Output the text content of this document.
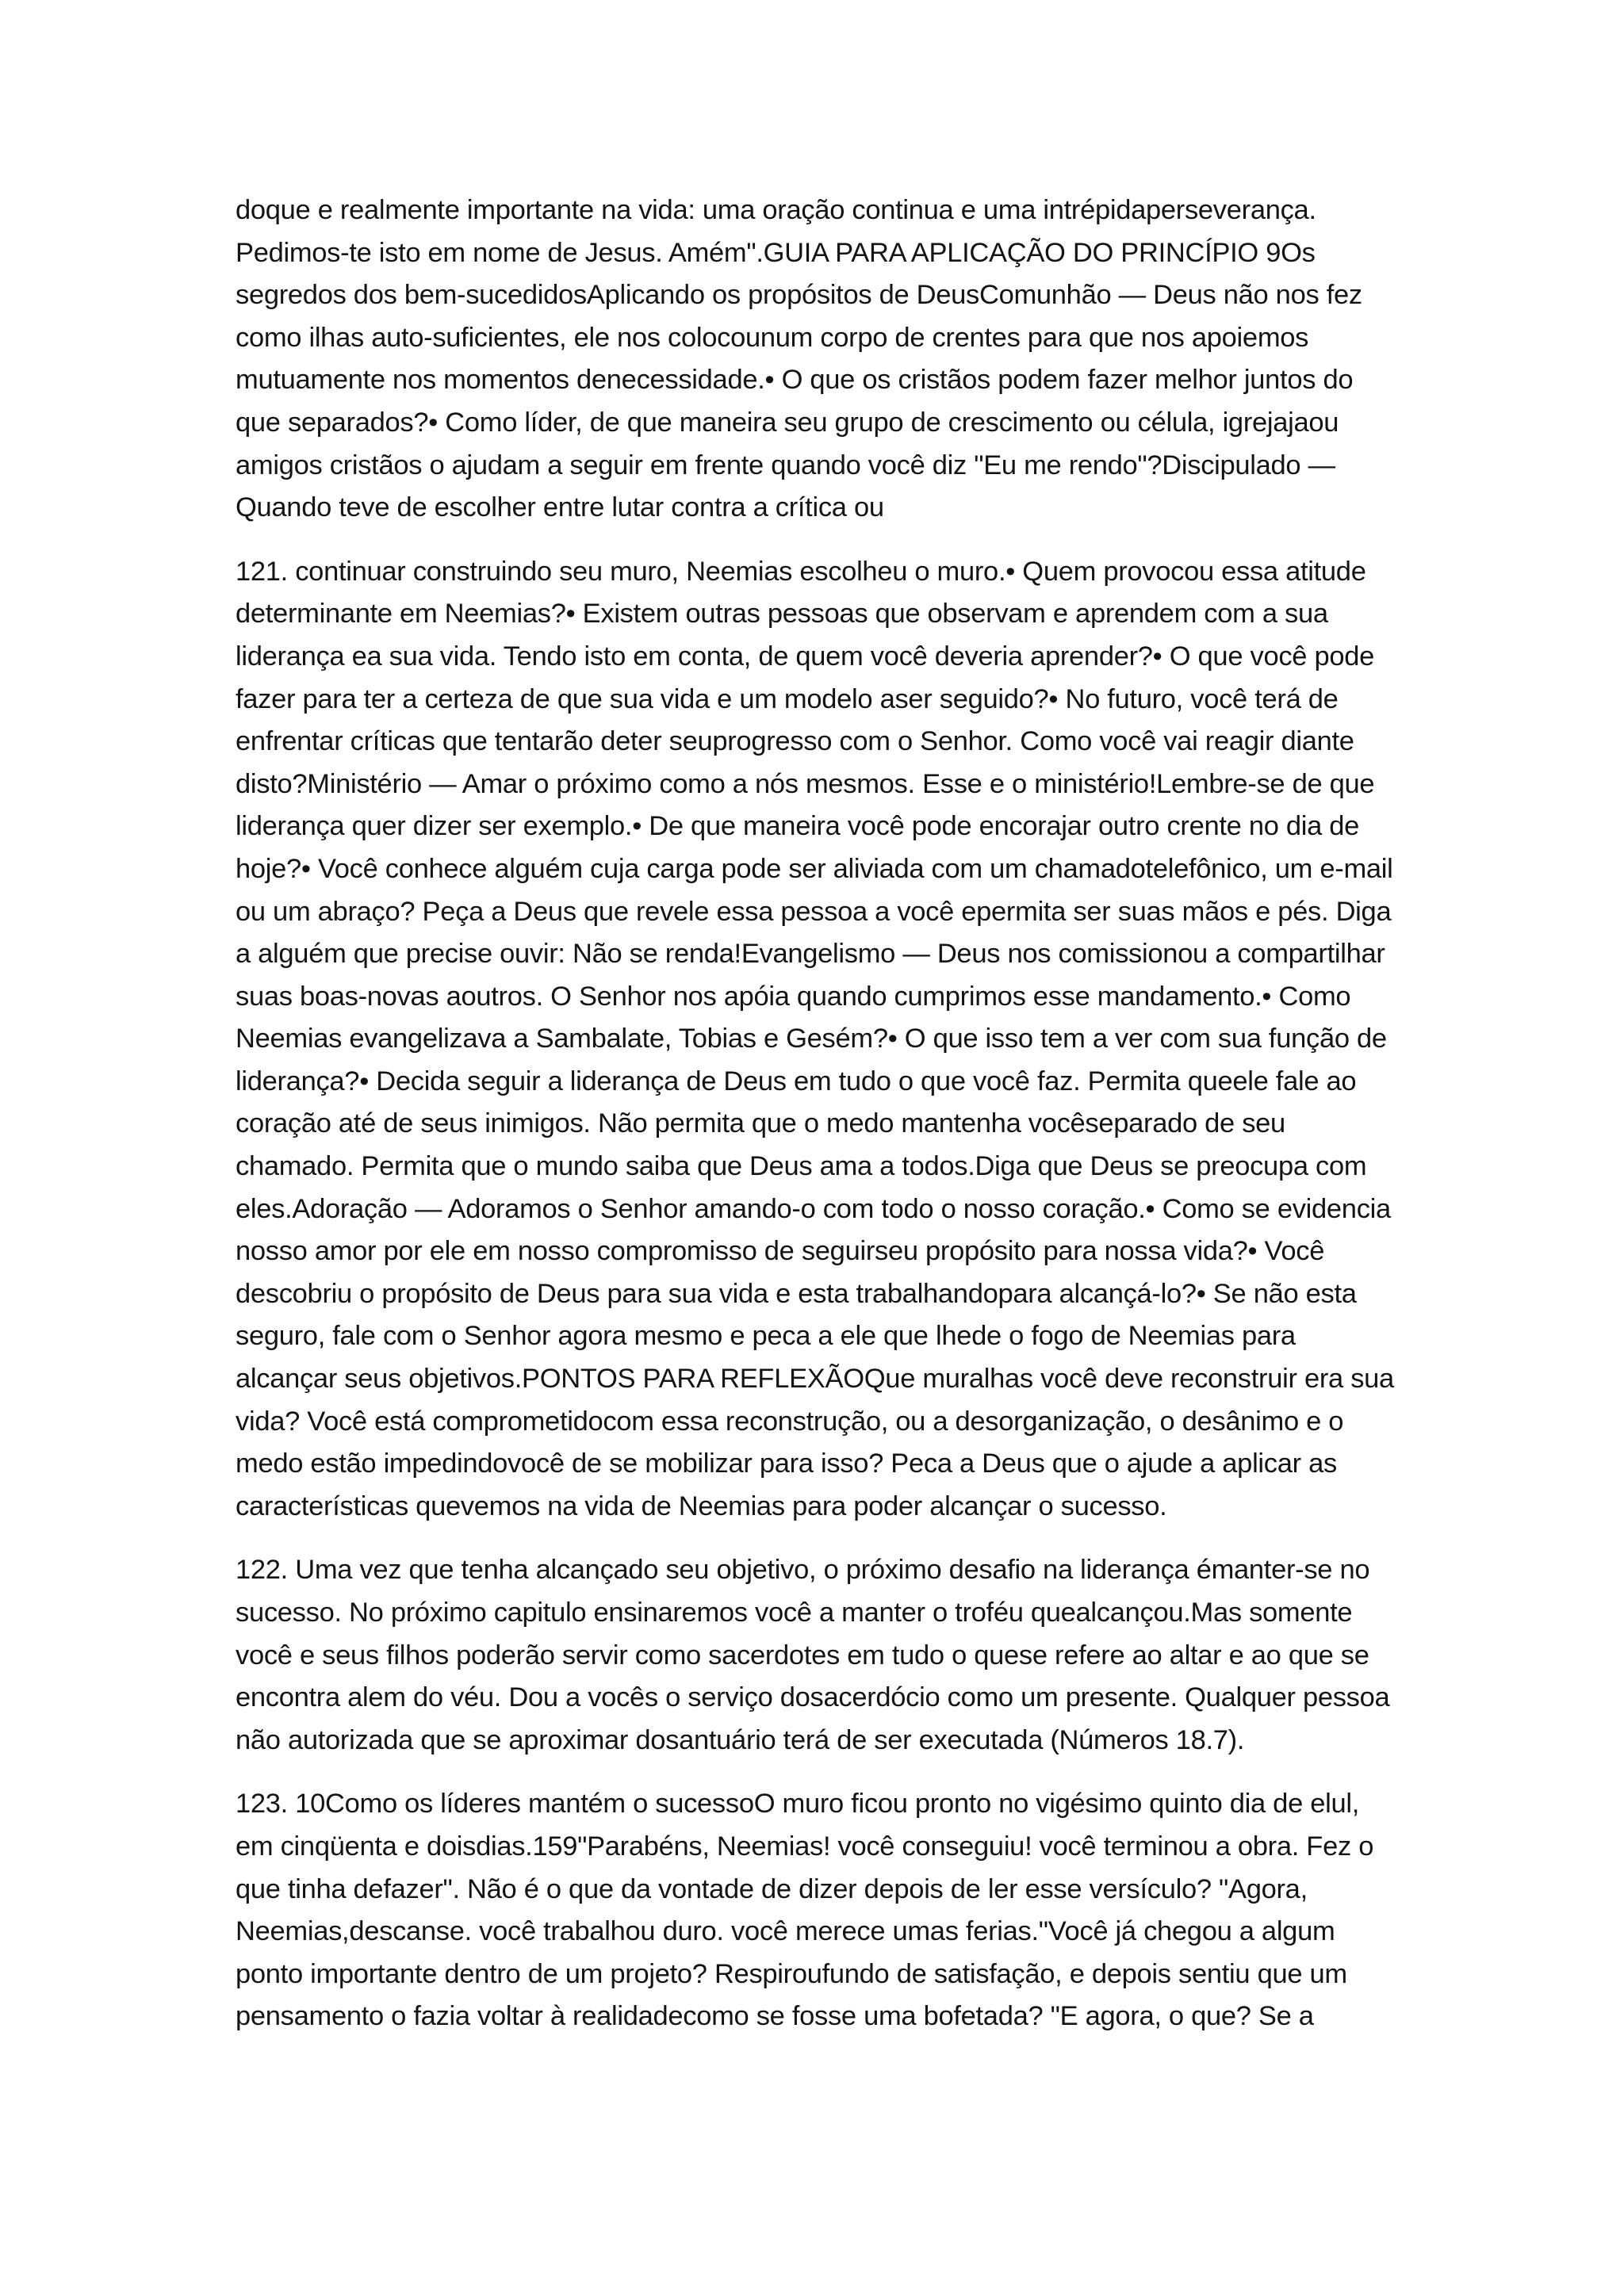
doque e realmente importante na vida: uma oração continua e uma intrépidaperseverança. Pedimos-te isto em nome de Jesus. Amém".GUIA PARA APLICAÇÃO DO PRINCÍPIO 9Os segredos dos bem-sucedidosAplicando os propósitos de DeusComunhão — Deus não nos fez como ilhas auto-suficientes, ele nos colocounum corpo de crentes para que nos apoiemos mutuamente nos momentos denecessidade.• O que os cristãos podem fazer melhor juntos do que separados?• Como líder, de que maneira seu grupo de crescimento ou célula, igrejajaou amigos cristãos o ajudam a seguir em frente quando você diz "Eu me rendo"?Discipulado — Quando teve de escolher entre lutar contra a crítica ou

121. continuar construindo seu muro, Neemias escolheu o muro.• Quem provocou essa atitude determinante em Neemias?• Existem outras pessoas que observam e aprendem com a sua liderança ea sua vida. Tendo isto em conta, de quem você deveria aprender?• O que você pode fazer para ter a certeza de que sua vida e um modelo aser seguido?• No futuro, você terá de enfrentar críticas que tentarão deter seuprogresso com o Senhor. Como você vai reagir diante disto?Ministério — Amar o próximo como a nós mesmos. Esse e o ministério!Lembre-se de que liderança quer dizer ser exemplo.• De que maneira você pode encorajar outro crente no dia de hoje?• Você conhece alguém cuja carga pode ser aliviada com um chamadotelefônico, um e-mail ou um abraço? Peça a Deus que revele essa pessoa a você epermita ser suas mãos e pés. Diga a alguém que precise ouvir: Não se renda!Evangelismo — Deus nos comissionou a compartilhar suas boas-novas aoutros. O Senhor nos apóia quando cumprimos esse mandamento.• Como Neemias evangelizava a Sambalate, Tobias e Gesém?• O que isso tem a ver com sua função de liderança?• Decida seguir a liderança de Deus em tudo o que você faz. Permita queele fale ao coração até de seus inimigos. Não permita que o medo mantenha vocêseparado de seu chamado. Permita que o mundo saiba que Deus ama a todos.Diga que Deus se preocupa com eles.Adoração — Adoramos o Senhor amando-o com todo o nosso coração.• Como se evidencia nosso amor por ele em nosso compromisso de seguirseu propósito para nossa vida?• Você descobriu o propósito de Deus para sua vida e esta trabalhandopara alcançá-lo?• Se não esta seguro, fale com o Senhor agora mesmo e peca a ele que lhede o fogo de Neemias para alcançar seus objetivos.PONTOS PARA REFLEXÃOQue muralhas você deve reconstruir era sua vida? Você está comprometidocom essa reconstrução, ou a desorganização, o desânimo e o medo estão impedindovocê de se mobilizar para isso? Peca a Deus que o ajude a aplicar as características quevemos na vida de Neemias para poder alcançar o sucesso.

122. Uma vez que tenha alcançado seu objetivo, o próximo desafio na liderança émanter-se no sucesso. No próximo capitulo ensinaremos você a manter o troféu quealcançou.Mas somente você e seus filhos poderão servir como sacerdotes em tudo o quese refere ao altar e ao que se encontra alem do véu. Dou a vocês o serviço dosacerdócio como um presente. Qualquer pessoa não autorizada que se aproximar dosantuário terá de ser executada (Números 18.7).

123. 10Como os líderes mantém o sucessoO muro ficou pronto no vigésimo quinto dia de elul, em cinqüenta e doisdias.159"Parabéns, Neemias! você conseguiu! você terminou a obra. Fez o que tinha defazer". Não é o que da vontade de dizer depois de ler esse versículo? "Agora, Neemias,descanse. você trabalhou duro. você merece umas ferias."Você já chegou a algum ponto importante dentro de um projeto? Respiroufundo de satisfação, e depois sentiu que um pensamento o fazia voltar à realidadecomo se fosse uma bofetada? "E agora, o que? Se a
